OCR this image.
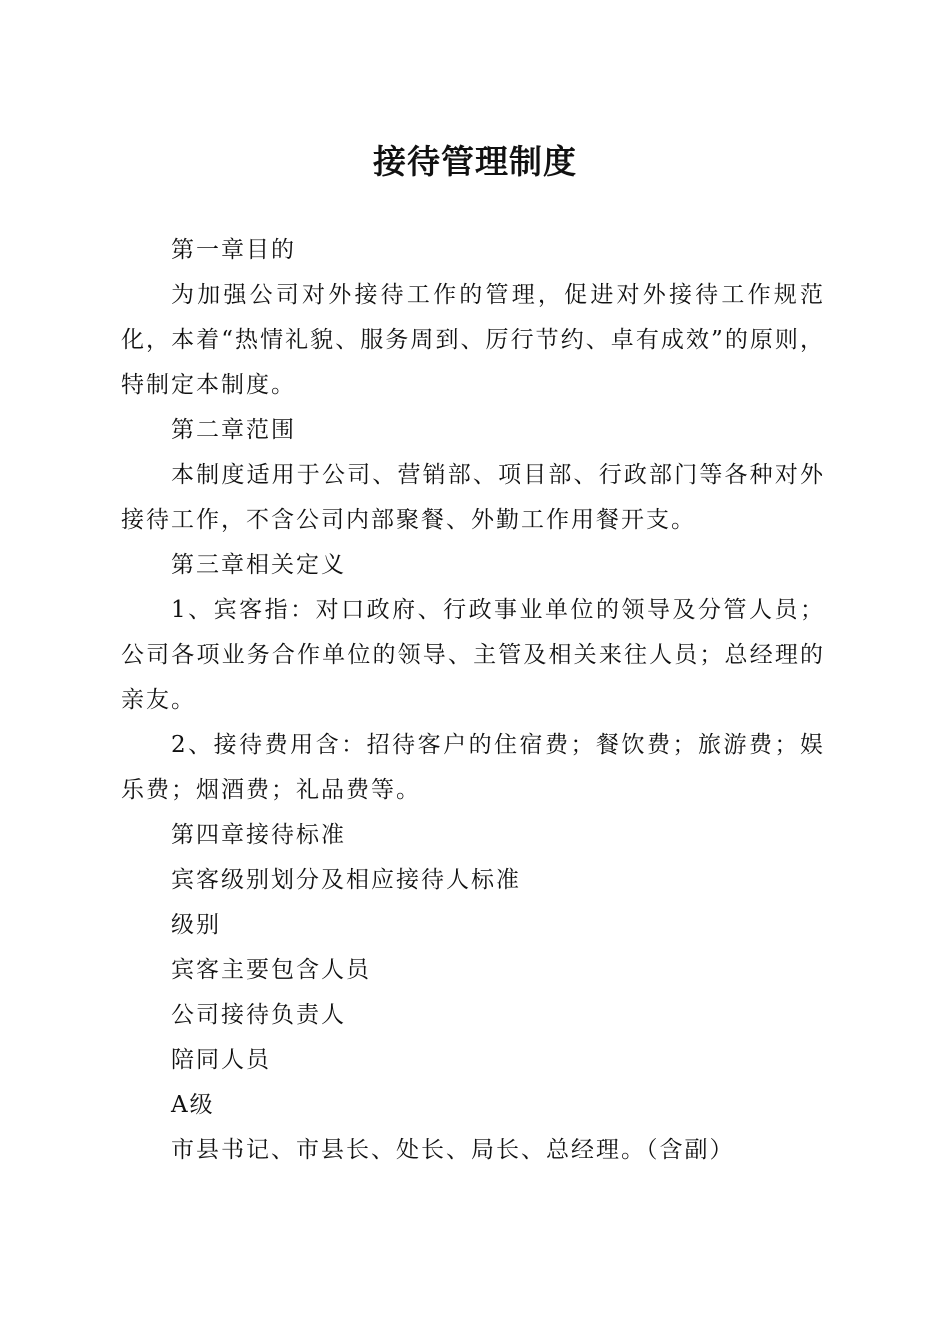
接待管理制度

第一章目的

为加强公司对外接待工作的管理，促进对外接待工作规范化，本着“热情礼貌、服务周到、厉行节约、卓有成效”的原则，特制定本制度。

第二章范围

本制度适用于公司、营销部、项目部、行政部门等各种对外接待工作，不含公司内部聚餐、外勤工作用餐开支。

第三章相关定义

1、宾客指：对口政府、行政事业单位的领导及分管人员；公司各项业务合作单位的领导、主管及相关来往人员；总经理的亲友。

2、接待费用含：招待客户的住宿费；餐饮费；旅游费；娱乐费；烟酒费；礼品费等。

第四章接待标准

宾客级别划分及相应接待人标准

级别

宾客主要包含人员

公司接待负责人

陪同人员

A级

市县书记、市县长、处长、局长、总经理。（含副）
